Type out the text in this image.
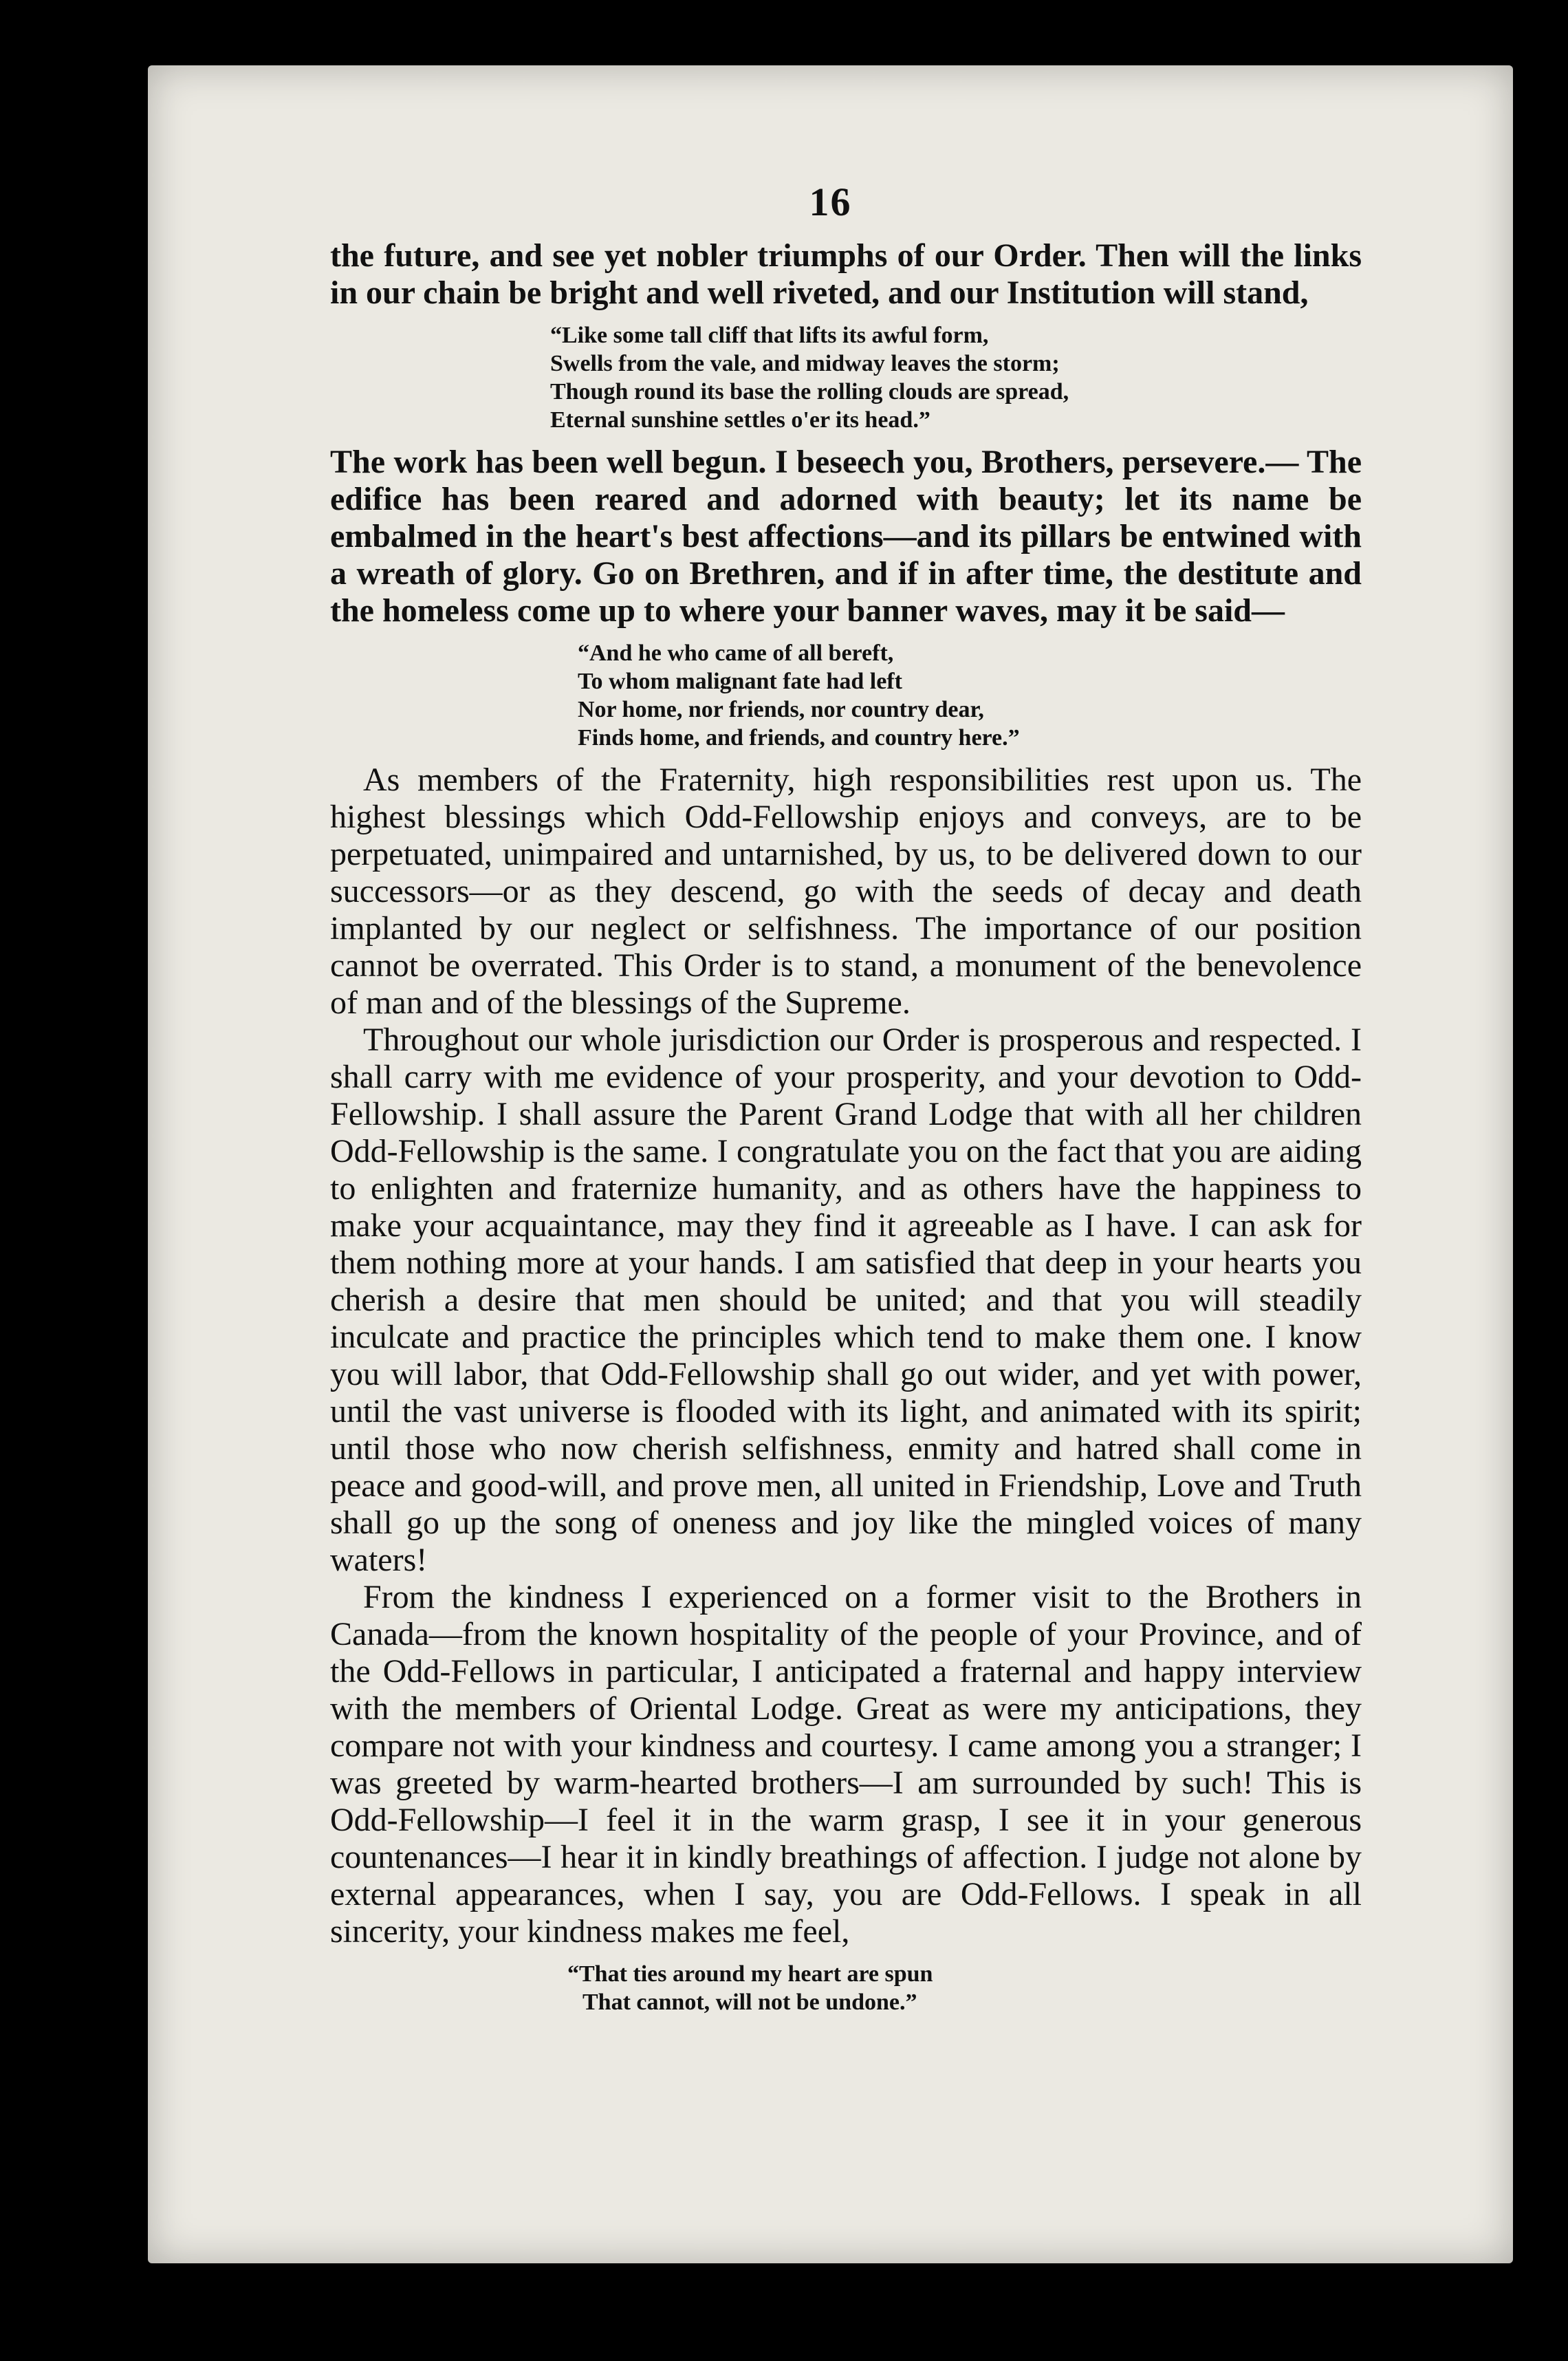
16

the future, and see yet nobler triumphs of our Order. Then will the links in our chain be bright and well riveted, and our Institution will stand,

“Like some tall cliff that lifts its awful form,
Swells from the vale, and midway leaves the storm;
Though round its base the rolling clouds are spread,
Eternal sunshine settles o'er its head.”

The work has been well begun. I beseech you, Brothers, persevere.— The edifice has been reared and adorned with beauty; let its name be embalmed in the heart's best affections—and its pillars be entwined with a wreath of glory. Go on Brethren, and if in after time, the destitute and the homeless come up to where your banner waves, may it be said—

“And he who came of all bereft,
To whom malignant fate had left
Nor home, nor friends, nor country dear,
Finds home, and friends, and country here.”

As members of the Fraternity, high responsibilities rest upon us. The highest blessings which Odd-Fellowship enjoys and conveys, are to be perpetuated, unimpaired and untarnished, by us, to be delivered down to our successors—or as they descend, go with the seeds of decay and death implanted by our neglect or selfishness. The importance of our position cannot be overrated. This Order is to stand, a monument of the benevolence of man and of the blessings of the Supreme.

Throughout our whole jurisdiction our Order is prosperous and respected. I shall carry with me evidence of your prosperity, and your devotion to Odd-Fellowship. I shall assure the Parent Grand Lodge that with all her children Odd-Fellowship is the same. I congratulate you on the fact that you are aiding to enlighten and fraternize humanity, and as others have the happiness to make your acquaintance, may they find it agreeable as I have. I can ask for them nothing more at your hands. I am satisfied that deep in your hearts you cherish a desire that men should be united; and that you will steadily inculcate and practice the principles which tend to make them one. I know you will labor, that Odd-Fellowship shall go out wider, and yet with power, until the vast universe is flooded with its light, and animated with its spirit; until those who now cherish selfishness, enmity and hatred shall come in peace and good-will, and prove men, all united in Friendship, Love and Truth shall go up the song of oneness and joy like the mingled voices of many waters!

From the kindness I experienced on a former visit to the Brothers in Canada—from the known hospitality of the people of your Province, and of the Odd-Fellows in particular, I anticipated a fraternal and happy interview with the members of Oriental Lodge. Great as were my anticipations, they compare not with your kindness and courtesy. I came among you a stranger; I was greeted by warm-hearted brothers—I am surrounded by such! This is Odd-Fellowship—I feel it in the warm grasp, I see it in your generous countenances—I hear it in kindly breathings of affection. I judge not alone by external appearances, when I say, you are Odd-Fellows. I speak in all sincerity, your kindness makes me feel,

“That ties around my heart are spun
That cannot, will not be undone.”
